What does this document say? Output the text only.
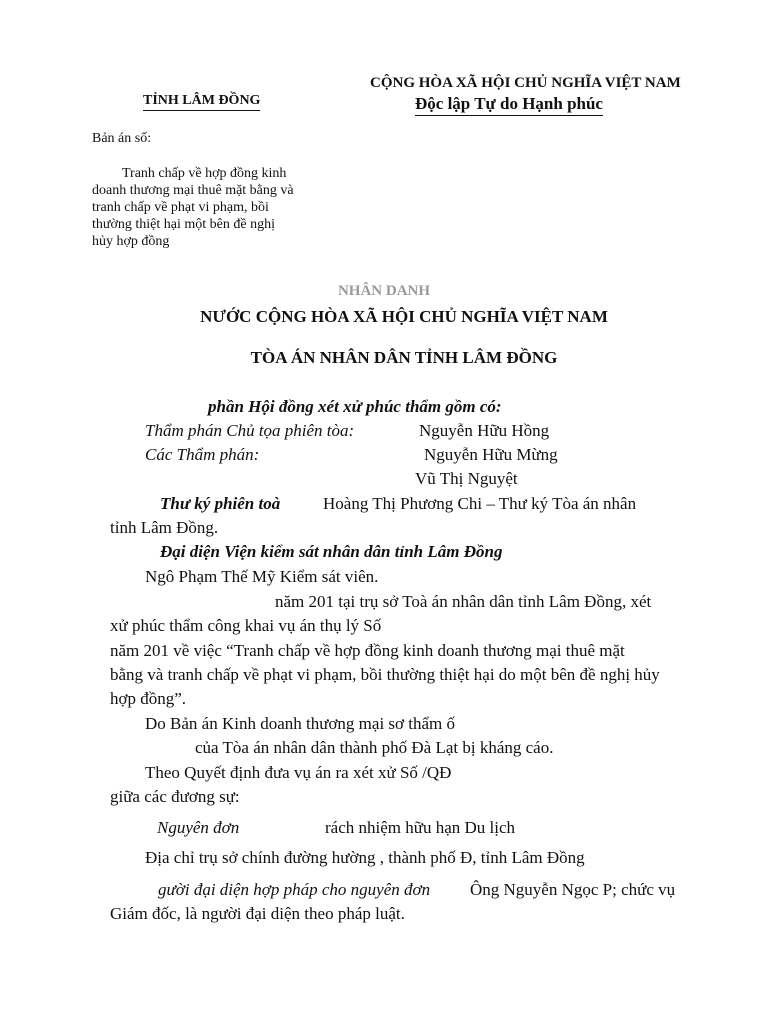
TỈNH LÂM ĐỒNG
CỘNG HÒA XÃ HỘI CHỦ NGHĨA VIỆT NAM
Độc lập Tự do Hạnh phúc
Bản án số:
Tranh chấp về hợp đồng kinh
doanh thương mại thuê mặt bằng và
tranh chấp về phạt vi phạm, bồi
thường thiệt hại một bên đề nghị
hủy hợp đồng
NHÂN DANH
NƯỚC CỘNG HÒA XÃ HỘI CHỦ NGHĨA VIỆT NAM
TÒA ÁN NHÂN DÂN TỈNH LÂM ĐỒNG
phần Hội đồng xét xử phúc thẩm gồm có:
Thẩm phán Chủ tọa phiên tòa:	Nguyễn Hữu Hồng
Các Thẩm phán:	Nguyễn Hữu Mừng
Vũ Thị Nguyệt
Thư ký phiên toà	Hoàng Thị Phương Chi – Thư ký Tòa án nhân
tỉnh Lâm Đồng.
Đại diện Viện kiểm sát nhân dân tỉnh Lâm Đồng
Ngô Phạm Thế Mỹ Kiểm sát viên.
năm 201 tại trụ sở Toà án nhân dân tỉnh Lâm Đồng, xét
xử phúc thẩm công khai vụ án thụ lý Số
năm 201 về việc “Tranh chấp về hợp đồng kinh doanh thương mại thuê mặt
bằng và tranh chấp về phạt vi phạm, bồi thường thiệt hại do một bên đề nghị hủy
hợp đồng”.
Do Bản án Kinh doanh thương mại sơ thẩm ố
của Tòa án nhân dân thành phố Đà Lạt bị kháng cáo.
Theo Quyết định đưa vụ án ra xét xử Số /QĐ
giữa các đương sự:
Nguyên đơn	rách nhiệm hữu hạn Du lịch
Địa chỉ trụ sở chính đường hường , thành phố Đ, tỉnh Lâm Đồng
gười đại diện hợp pháp cho nguyên đơn Ông Nguyễn Ngọc P; chức vụ
Giám đốc, là người đại diện theo pháp luật.
